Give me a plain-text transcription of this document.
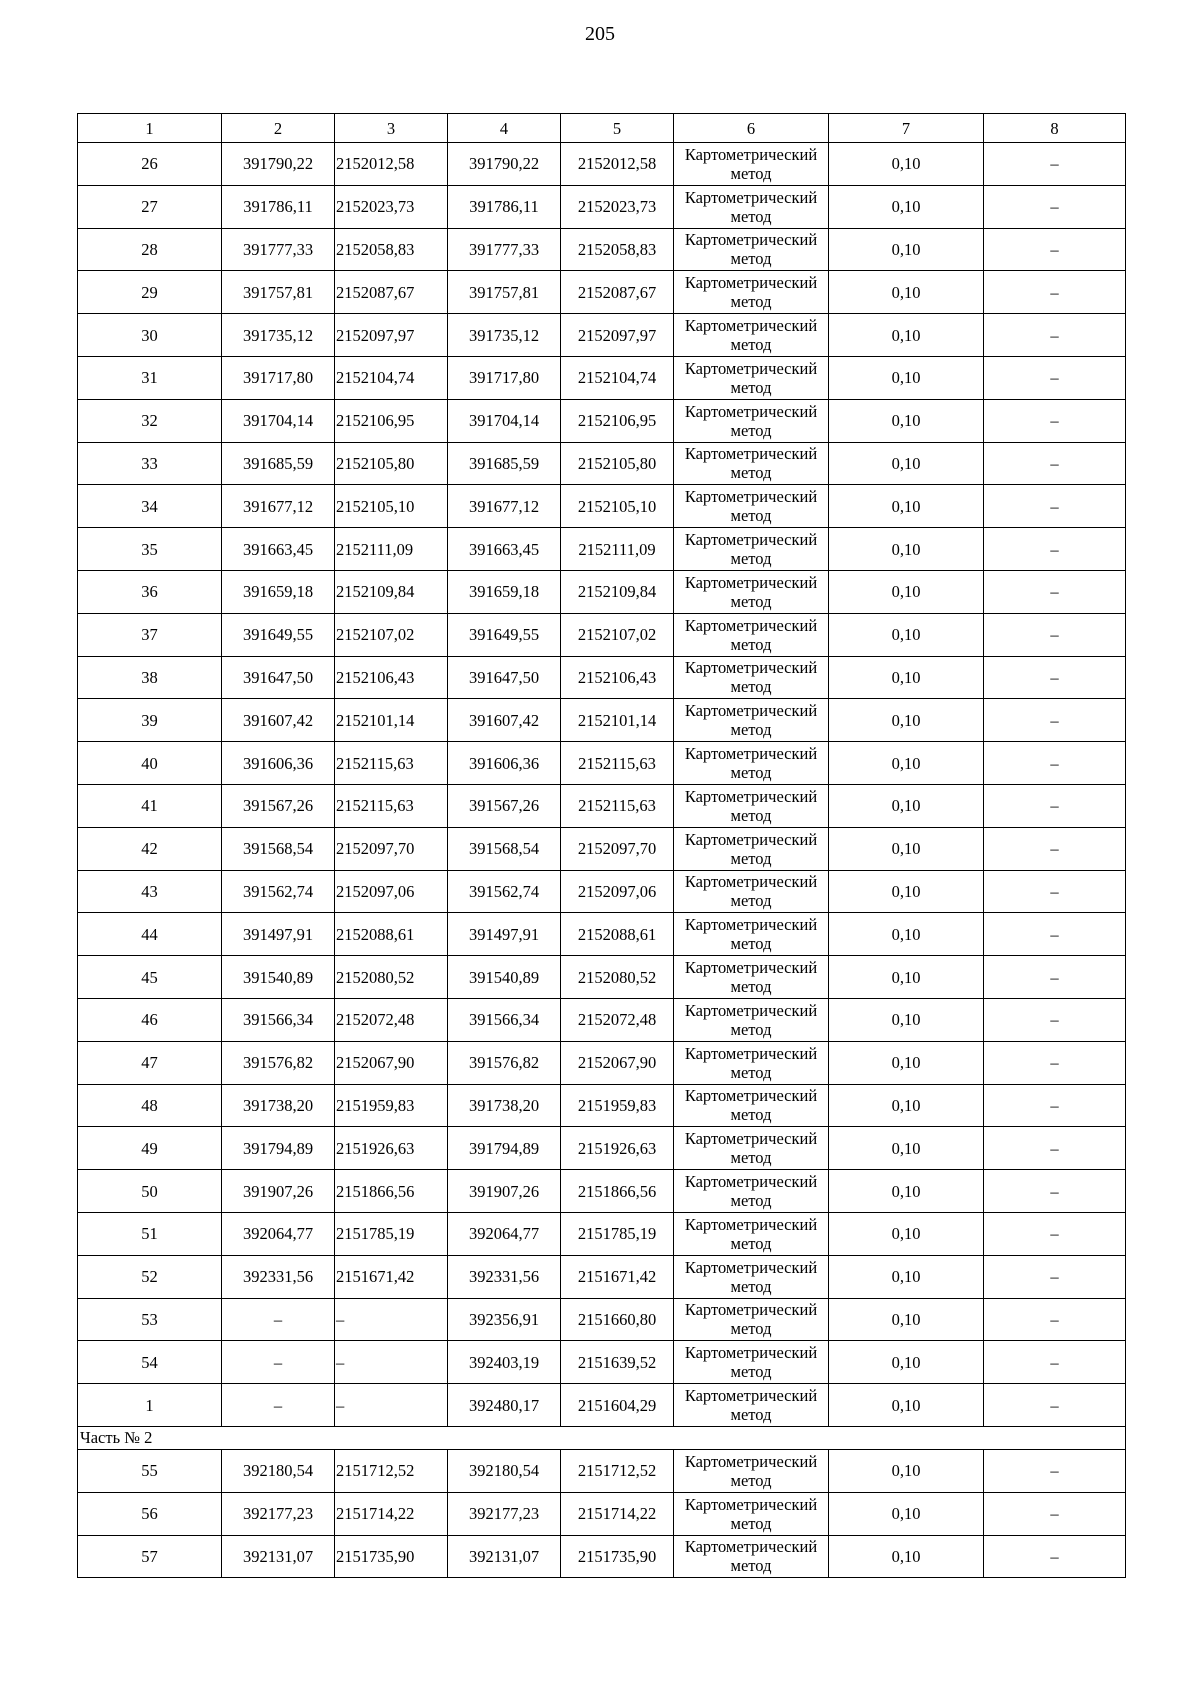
205
1	2	3	4	5	6	7	8
26	391790,22	2152012,58	391790,22	2152012,58	Картометрический метод	0,10	–
27	391786,11	2152023,73	391786,11	2152023,73	Картометрический метод	0,10	–
28	391777,33	2152058,83	391777,33	2152058,83	Картометрический метод	0,10	–
29	391757,81	2152087,67	391757,81	2152087,67	Картометрический метод	0,10	–
30	391735,12	2152097,97	391735,12	2152097,97	Картометрический метод	0,10	–
31	391717,80	2152104,74	391717,80	2152104,74	Картометрический метод	0,10	–
32	391704,14	2152106,95	391704,14	2152106,95	Картометрический метод	0,10	–
33	391685,59	2152105,80	391685,59	2152105,80	Картометрический метод	0,10	–
34	391677,12	2152105,10	391677,12	2152105,10	Картометрический метод	0,10	–
35	391663,45	2152111,09	391663,45	2152111,09	Картометрический метод	0,10	–
36	391659,18	2152109,84	391659,18	2152109,84	Картометрический метод	0,10	–
37	391649,55	2152107,02	391649,55	2152107,02	Картометрический метод	0,10	–
38	391647,50	2152106,43	391647,50	2152106,43	Картометрический метод	0,10	–
39	391607,42	2152101,14	391607,42	2152101,14	Картометрический метод	0,10	–
40	391606,36	2152115,63	391606,36	2152115,63	Картометрический метод	0,10	–
41	391567,26	2152115,63	391567,26	2152115,63	Картометрический метод	0,10	–
42	391568,54	2152097,70	391568,54	2152097,70	Картометрический метод	0,10	–
43	391562,74	2152097,06	391562,74	2152097,06	Картометрический метод	0,10	–
44	391497,91	2152088,61	391497,91	2152088,61	Картометрический метод	0,10	–
45	391540,89	2152080,52	391540,89	2152080,52	Картометрический метод	0,10	–
46	391566,34	2152072,48	391566,34	2152072,48	Картометрический метод	0,10	–
47	391576,82	2152067,90	391576,82	2152067,90	Картометрический метод	0,10	–
48	391738,20	2151959,83	391738,20	2151959,83	Картометрический метод	0,10	–
49	391794,89	2151926,63	391794,89	2151926,63	Картометрический метод	0,10	–
50	391907,26	2151866,56	391907,26	2151866,56	Картометрический метод	0,10	–
51	392064,77	2151785,19	392064,77	2151785,19	Картометрический метод	0,10	–
52	392331,56	2151671,42	392331,56	2151671,42	Картометрический метод	0,10	–
53	–	–	392356,91	2151660,80	Картометрический метод	0,10	–
54	–	–	392403,19	2151639,52	Картометрический метод	0,10	–
1	–	–	392480,17	2151604,29	Картометрический метод	0,10	–
Часть № 2							
55	392180,54	2151712,52	392180,54	2151712,52	Картометрический метод	0,10	–
56	392177,23	2151714,22	392177,23	2151714,22	Картометрический метод	0,10	–
57	392131,07	2151735,90	392131,07	2151735,90	Картометрический метод	0,10	–
